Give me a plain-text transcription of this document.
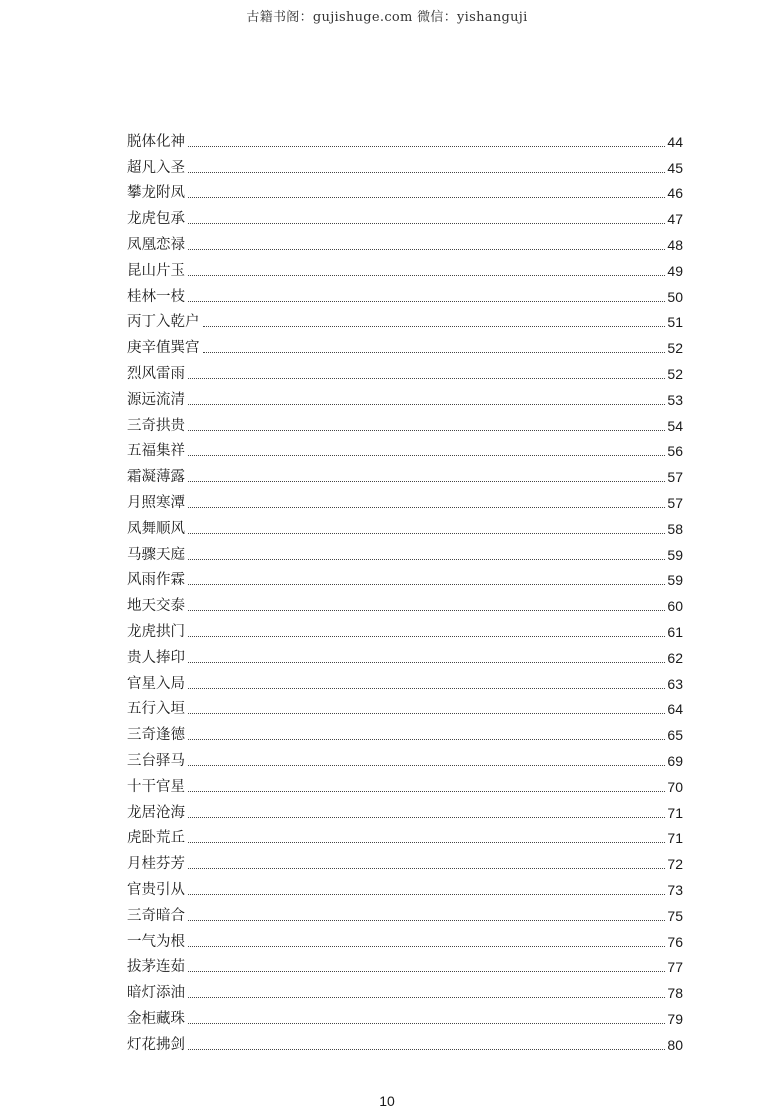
古籍书阁：gujishuge.com 微信：yishanguji
脱体化神	44
超凡入圣	45
攀龙附凤	46
龙虎包承	47
凤凰恋禄	48
昆山片玉	49
桂林一枝	50
丙丁入乾户	51
庚辛值巽宫	52
烈风雷雨	52
源远流清	53
三奇拱贵	54
五福集祥	56
霜凝薄露	57
月照寒潭	57
凤舞顺风	58
马骤天庭	59
风雨作霖	59
地天交泰	60
龙虎拱门	61
贵人捧印	62
官星入局	63
五行入垣	64
三奇逢德	65
三台驿马	69
十干官星	70
龙居沧海	71
虎卧荒丘	71
月桂芬芳	72
官贵引从	73
三奇暗合	75
一气为根	76
拔茅连茹	77
暗灯添油	78
金柜藏珠	79
灯花拂剑	80
10
